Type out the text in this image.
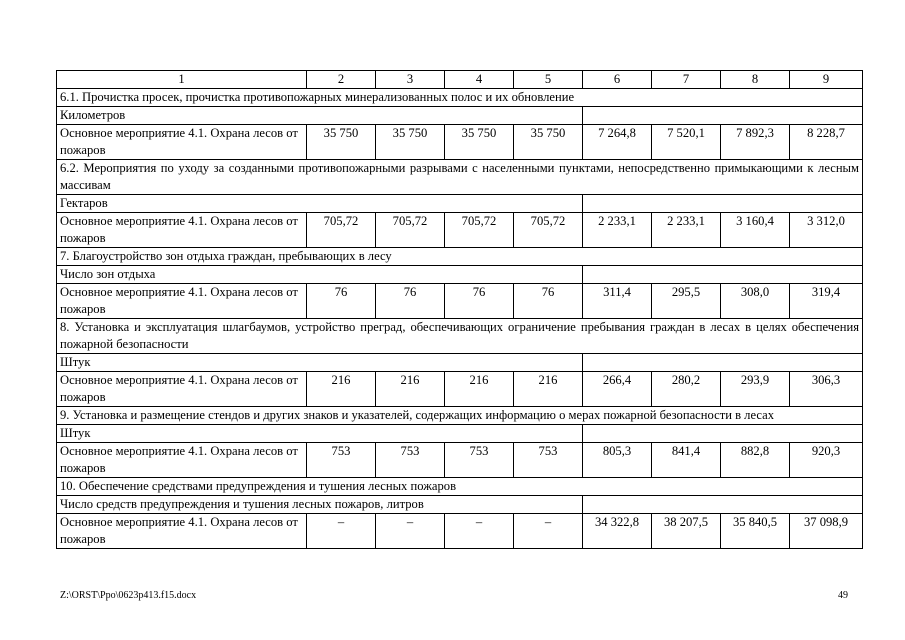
1	2	3	4	5	6	7	8	9
6.1. Прочистка просек, прочистка противопожарных минерализованных полос и их обновление								
Километров								
Основное мероприятие 4.1. Охрана лесов от пожаров	35 750	35 750	35 750	35 750	7 264,8	7 520,1	7 892,3	8 228,7
6.2. Мероприятия по уходу за созданными противопожарными разрывами с населенными пунктами, непосредственно примыкающими к лесным массивам								
Гектаров								
Основное мероприятие 4.1. Охрана лесов от пожаров	705,72	705,72	705,72	705,72	2 233,1	2 233,1	3 160,4	3 312,0
7. Благоустройство зон отдыха граждан, пребывающих в лесу								
Число зон отдыха								
Основное мероприятие 4.1. Охрана лесов от пожаров	76	76	76	76	311,4	295,5	308,0	319,4
8. Установка и эксплуатация шлагбаумов, устройство преград, обеспечивающих ограничение пребывания граждан в лесах в целях обеспечения пожарной безопасности								
Штук								
Основное мероприятие 4.1. Охрана лесов от пожаров	216	216	216	216	266,4	280,2	293,9	306,3
9. Установка и размещение стендов и других знаков и указателей, содержащих информацию о мерах пожарной безопасности в лесах								
Штук								
Основное мероприятие 4.1. Охрана лесов от пожаров	753	753	753	753	805,3	841,4	882,8	920,3
10. Обеспечение средствами предупреждения и тушения лесных пожаров								
Число средств предупреждения и тушения лесных пожаров, литров								
Основное мероприятие 4.1. Охрана лесов от пожаров	–	–	–	–	34 322,8	38 207,5	35 840,5	37 098,9
Z:\ORST\Ppo\0623p413.f15.docx	49
